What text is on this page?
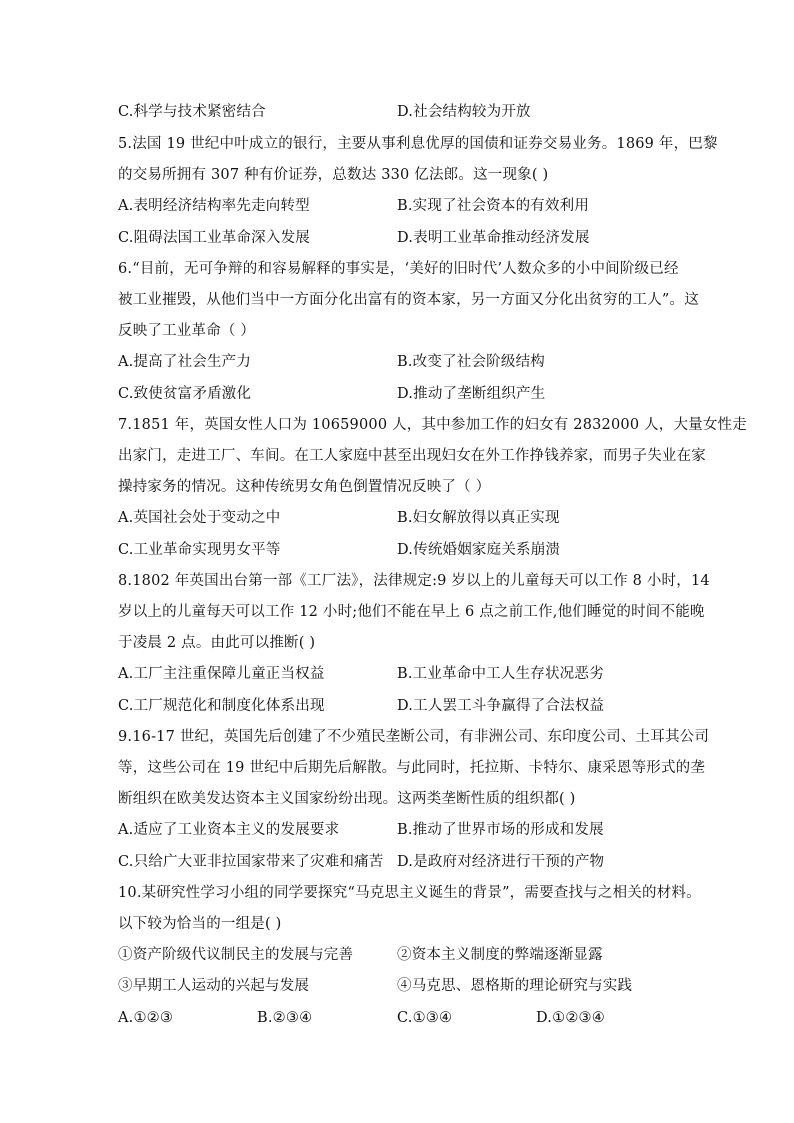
C.科学与技术紧密结合	D.社会结构较为开放
5.法国 19 世纪中叶成立的银行，主要从事利息优厚的国债和证券交易业务。1869 年，巴黎
的交易所拥有 307 种有价证券，总数达 330 亿法郎。这一现象( )
A.表明经济结构率先走向转型	B.实现了社会资本的有效利用
C.阻碍法国工业革命深入发展	D.表明工业革命推动经济发展
6.“目前，无可争辩的和容易解释的事实是，‘美好的旧时代’人数众多的小中间阶级已经
被工业摧毁，从他们当中一方面分化出富有的资本家，另一方面又分化出贫穷的工人”。这
反映了工业革命（ ）
A.提高了社会生产力	B.改变了社会阶级结构
C.致使贫富矛盾激化	D.推动了垄断组织产生
7.1851 年，英国女性人口为 10659000 人，其中参加工作的妇女有 2832000 人，大量女性走
出家门，走进工厂、车间。在工人家庭中甚至出现妇女在外工作挣钱养家，而男子失业在家
操持家务的情况。这种传统男女角色倒置情况反映了（ ）
A.英国社会处于变动之中	B.妇女解放得以真正实现
C.工业革命实现男女平等	D.传统婚姻家庭关系崩溃
8.1802 年英国出台第一部《工厂法》，法律规定:9 岁以上的儿童每天可以工作 8 小时，14
岁以上的儿童每天可以工作 12 小时;他们不能在早上 6 点之前工作,他们睡觉的时间不能晚
于凌晨 2 点。由此可以推断( )
A.工厂主注重保障儿童正当权益	B.工业革命中工人生存状况恶劣
C.工厂规范化和制度化体系出现	D.工人罢工斗争赢得了合法权益
9.16-17 世纪，英国先后创建了不少殖民垄断公司，有非洲公司、东印度公司、土耳其公司
等，这些公司在 19 世纪中后期先后解散。与此同时，托拉斯、卡特尔、康采恩等形式的垄
断组织在欧美发达资本主义国家纷纷出现。这两类垄断性质的组织都( )
A.适应了工业资本主义的发展要求	B.推动了世界市场的形成和发展
C.只给广大亚非拉国家带来了灾难和痛苦 D.是政府对经济进行干预的产物
10.某研究性学习小组的同学要探究“马克思主义诞生的背景”，需要查找与之相关的材料。
以下较为恰当的一组是( )
①资产阶级代议制民主的发展与完善	②资本主义制度的弊端逐渐显露
③早期工人运动的兴起与发展	④马克思、恩格斯的理论研究与实践
A.①②③	B.②③④	C.①③④	D.①②③④
